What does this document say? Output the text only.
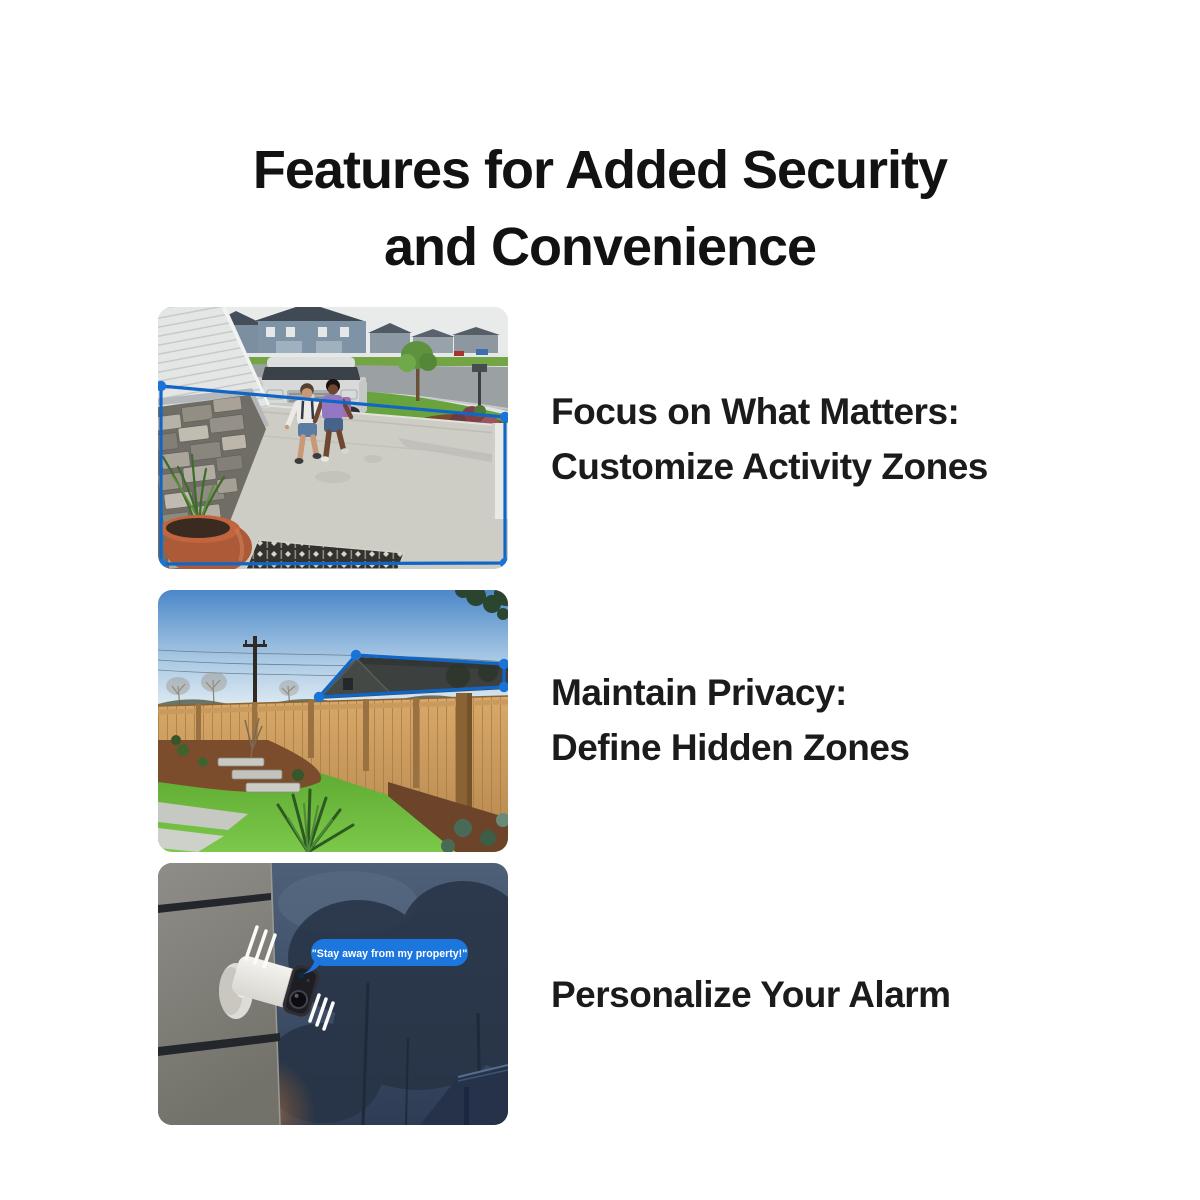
Features for Added Security
and Convenience
"Stay away from my property!"
Focus on What Matters:
Customize Activity Zones
Maintain Privacy:
Define Hidden Zones
Personalize Your Alarm
